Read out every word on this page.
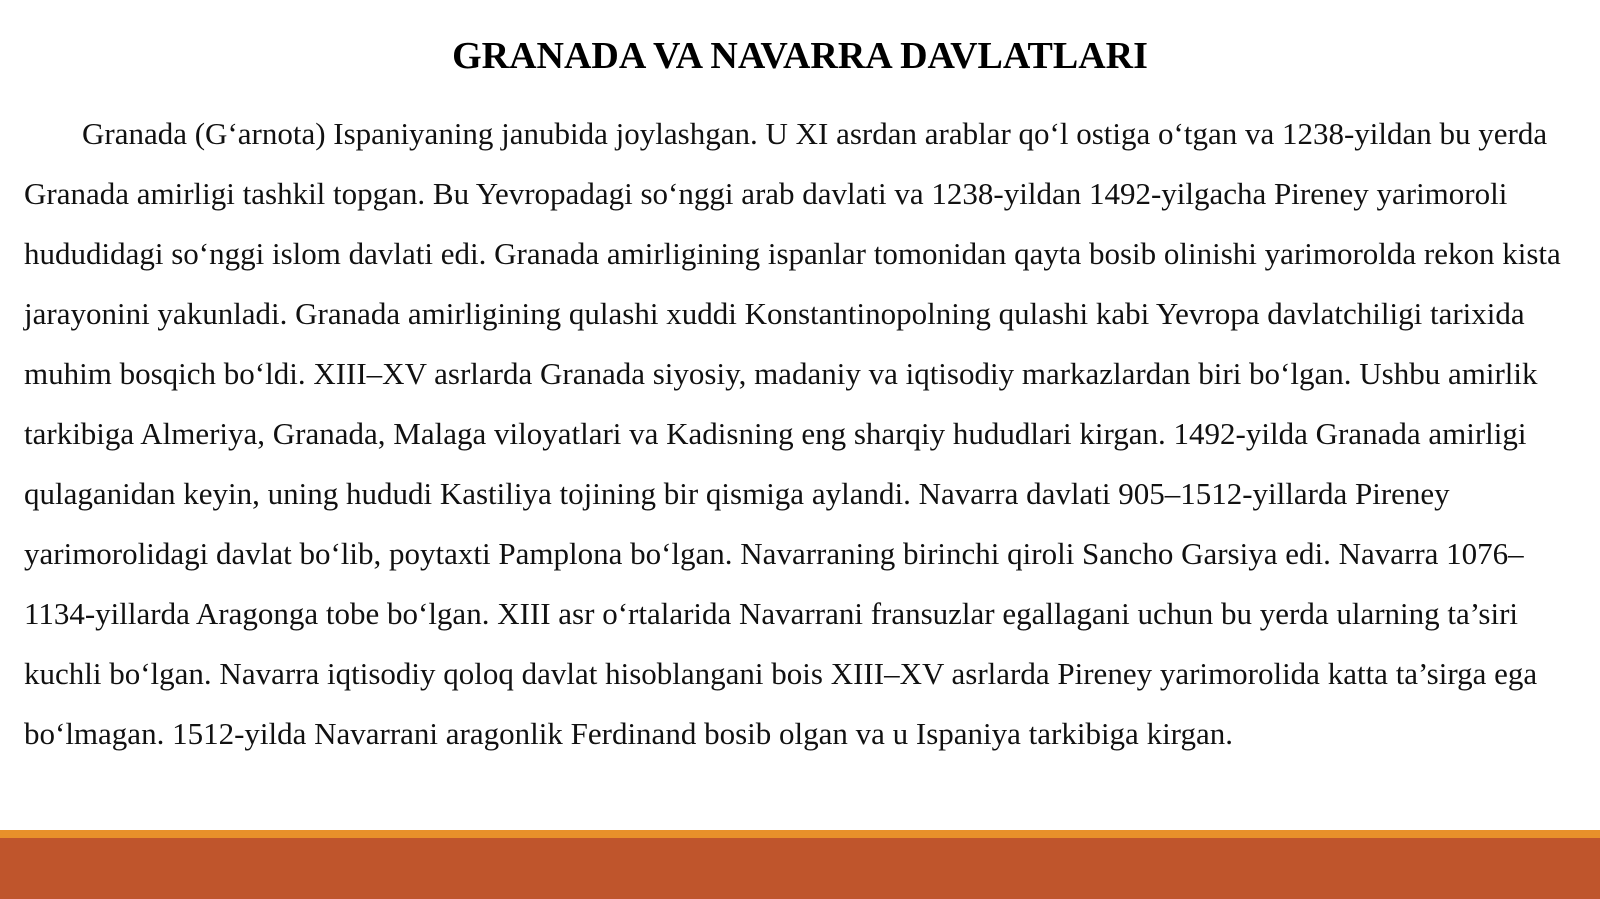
GRANADA VA NAVARRA DAVLATLARI

Granada (G‘arnota) Ispaniyaning janubida joylashgan. U XI asrdan arablar qo‘l ostiga o‘tgan va 1238-yildan bu yerda Granada amirligi tashkil topgan. Bu Yevropadagi so‘nggi arab davlati va 1238-yildan 1492-yilgacha Pireney yarimoroli hududidagi so‘nggi islom davlati edi. Granada amirligining ispanlar tomonidan qayta bosib olinishi yarimorolda rekon kista jarayonini yakunladi. Granada amirligining qulashi xuddi Konstantinopolning qulashi kabi Yevropa davlatchiligi tarixida muhim bosqich bo‘ldi. XIII–XV asrlarda Granada siyosiy, madaniy va iqtisodiy markazlardan biri bo‘lgan. Ushbu amirlik tarkibiga Almeriya, Granada, Malaga viloyatlari va Kadisning eng sharqiy hududlari kirgan. 1492-yilda Granada amirligi qulaganidan keyin, uning hududi Kastiliya tojining bir qismiga aylandi. Navarra davlati 905–1512-yillarda Pireney yarimorolidagi davlat bo‘lib, poytaxti Pamplona bo‘lgan. Navarraning birinchi qiroli Sancho Garsiya edi. Navarra 1076–1134-yillarda Aragonga tobe bo‘lgan. XIII asr o‘rtalarida Navarrani fransuzlar egallagani uchun bu yerda ularning ta’siri kuchli bo‘lgan. Navarra iqtisodiy qoloq davlat hisoblangani bois XIII–XV asrlarda Pireney yarimorolida katta ta’sirga ega bo‘lmagan. 1512-yilda Navarrani aragonlik Ferdinand bosib olgan va u Ispaniya tarkibiga kirgan.
